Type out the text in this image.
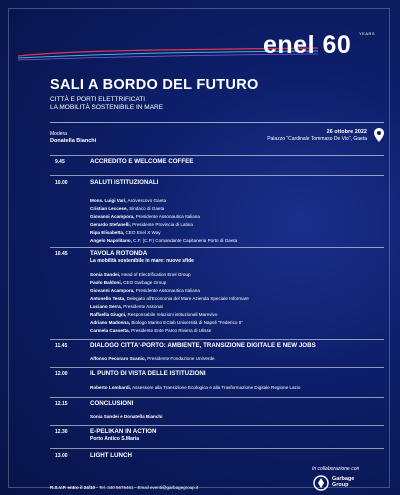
enel 60 YEARS
SALI A BORDO DEL FUTURO
CITTÀ E PORTI ELETTRIFICATI
LA MOBILITÀ SOSTENIBILE IN MARE
Modera
Donatella Bianchi
26 ottobre 2022
Palazzo "Cardinale Tommaso De Vio", Gaeta
9.45	ACCREDITO E WELCOME COFFEE
10.00	SALUTI ISTITUZIONALI
Mons. Luigi Vari, Arcivescovo Gaeta
Cristian Leccese, Sindaco di Gaeta
Giovanni Acampora, Presidente Assonautica Italiana
Gerardo Stefanelli, Presidente Provincia di Latina
Ripa Elisabetta, CEO Enel X Way
Angelo Napolitano, C.F. (C.P.) Comandante Capitaneria Porto di Gaeta
10.45	TAVOLA ROTONDA
La mobilità sostenibile in mare: nuove sfide
Sonia Sandei, Head of Electrification Enel Group
Paolo Baldoni, CEO Garbage Group
Giovanni Acampora, Presidente Assonautica Italiana
Antonello Testa, Delegato all'Economia del Mare Azienda Speciale Informare
Luciano Serra, Presidente Assonat
Raffaella Giugni, Responsabile relazioni istituzionali Marevivo
Adriano Madonna, Biologo Marino EClab Università di Napoli "Federico II"
Carmela Cassetta, Presidente Ente Parco Riviera di Ulisse
11.45	DIALOGO CITTA'-PORTO: AMBIENTE, TRANSIZIONE DIGITALE E NEW JOBS
Alfonso Pecoraro Scanio, Presidente Fondazione UniVerde
12.00	IL PUNTO DI VISTA DELLE ISTITUZIONI
Roberto Lombardi, Assessore alla Transizione Ecologica e alla Trasformazione Digitale Regione Lazio
12.15	CONCLUSIONI
Sonia Sandei e Donatella Bianchi
12.30	E-PELIKAN IN ACTION
Porto Antico S.Maria
13.00	LIGHT LUNCH
In collaborazione con
Garbage
Group
R.S.V.P. entro il 24/10 - Tel. 340 5675461 - Email eventi@garbagegroup.it
